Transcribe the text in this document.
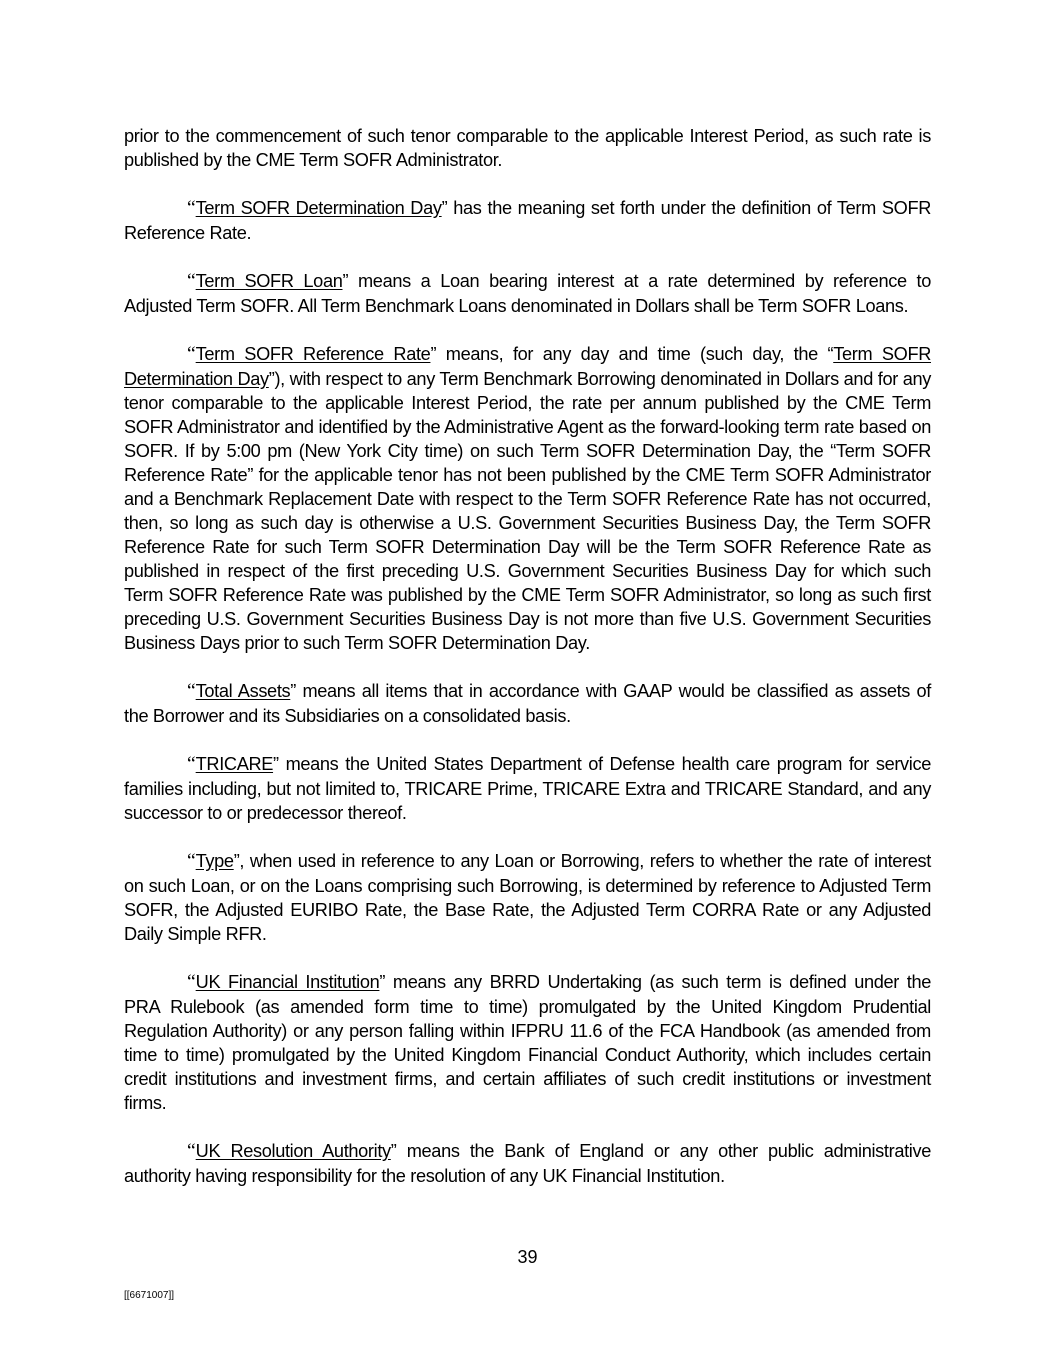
prior to the commencement of such tenor comparable to the applicable Interest Period, as such rate is published by the CME Term SOFR Administrator.

“Term SOFR Determination Day” has the meaning set forth under the definition of Term SOFR Reference Rate.

“Term SOFR Loan” means a Loan bearing interest at a rate determined by reference to Adjusted Term SOFR. All Term Benchmark Loans denominated in Dollars shall be Term SOFR Loans.

“Term SOFR Reference Rate” means, for any day and time (such day, the “Term SOFR Determination Day”), with respect to any Term Benchmark Borrowing denominated in Dollars and for any tenor comparable to the applicable Interest Period, the rate per annum published by the CME Term SOFR Administrator and identified by the Administrative Agent as the forward-looking term rate based on SOFR. If by 5:00 pm (New York City time) on such Term SOFR Determination Day, the “Term SOFR Reference Rate” for the applicable tenor has not been published by the CME Term SOFR Administrator and a Benchmark Replacement Date with respect to the Term SOFR Reference Rate has not occurred, then, so long as such day is otherwise a U.S. Government Securities Business Day, the Term SOFR Reference Rate for such Term SOFR Determination Day will be the Term SOFR Reference Rate as published in respect of the first preceding U.S. Government Securities Business Day for which such Term SOFR Reference Rate was published by the CME Term SOFR Administrator, so long as such first preceding U.S. Government Securities Business Day is not more than five U.S. Government Securities Business Days prior to such Term SOFR Determination Day.

“Total Assets” means all items that in accordance with GAAP would be classified as assets of the Borrower and its Subsidiaries on a consolidated basis.

“TRICARE” means the United States Department of Defense health care program for service families including, but not limited to, TRICARE Prime, TRICARE Extra and TRICARE Standard, and any successor to or predecessor thereof.

“Type”, when used in reference to any Loan or Borrowing, refers to whether the rate of interest on such Loan, or on the Loans comprising such Borrowing, is determined by reference to Adjusted Term SOFR, the Adjusted EURIBO Rate, the Base Rate, the Adjusted Term CORRA Rate or any Adjusted Daily Simple RFR.

“UK Financial Institution” means any BRRD Undertaking (as such term is defined under the PRA Rulebook (as amended form time to time) promulgated by the United Kingdom Prudential Regulation Authority) or any person falling within IFPRU 11.6 of the FCA Handbook (as amended from time to time) promulgated by the United Kingdom Financial Conduct Authority, which includes certain credit institutions and investment firms, and certain affiliates of such credit institutions or investment firms.

“UK Resolution Authority” means the Bank of England or any other public administrative authority having responsibility for the resolution of any UK Financial Institution.

39
[[6671007]]
